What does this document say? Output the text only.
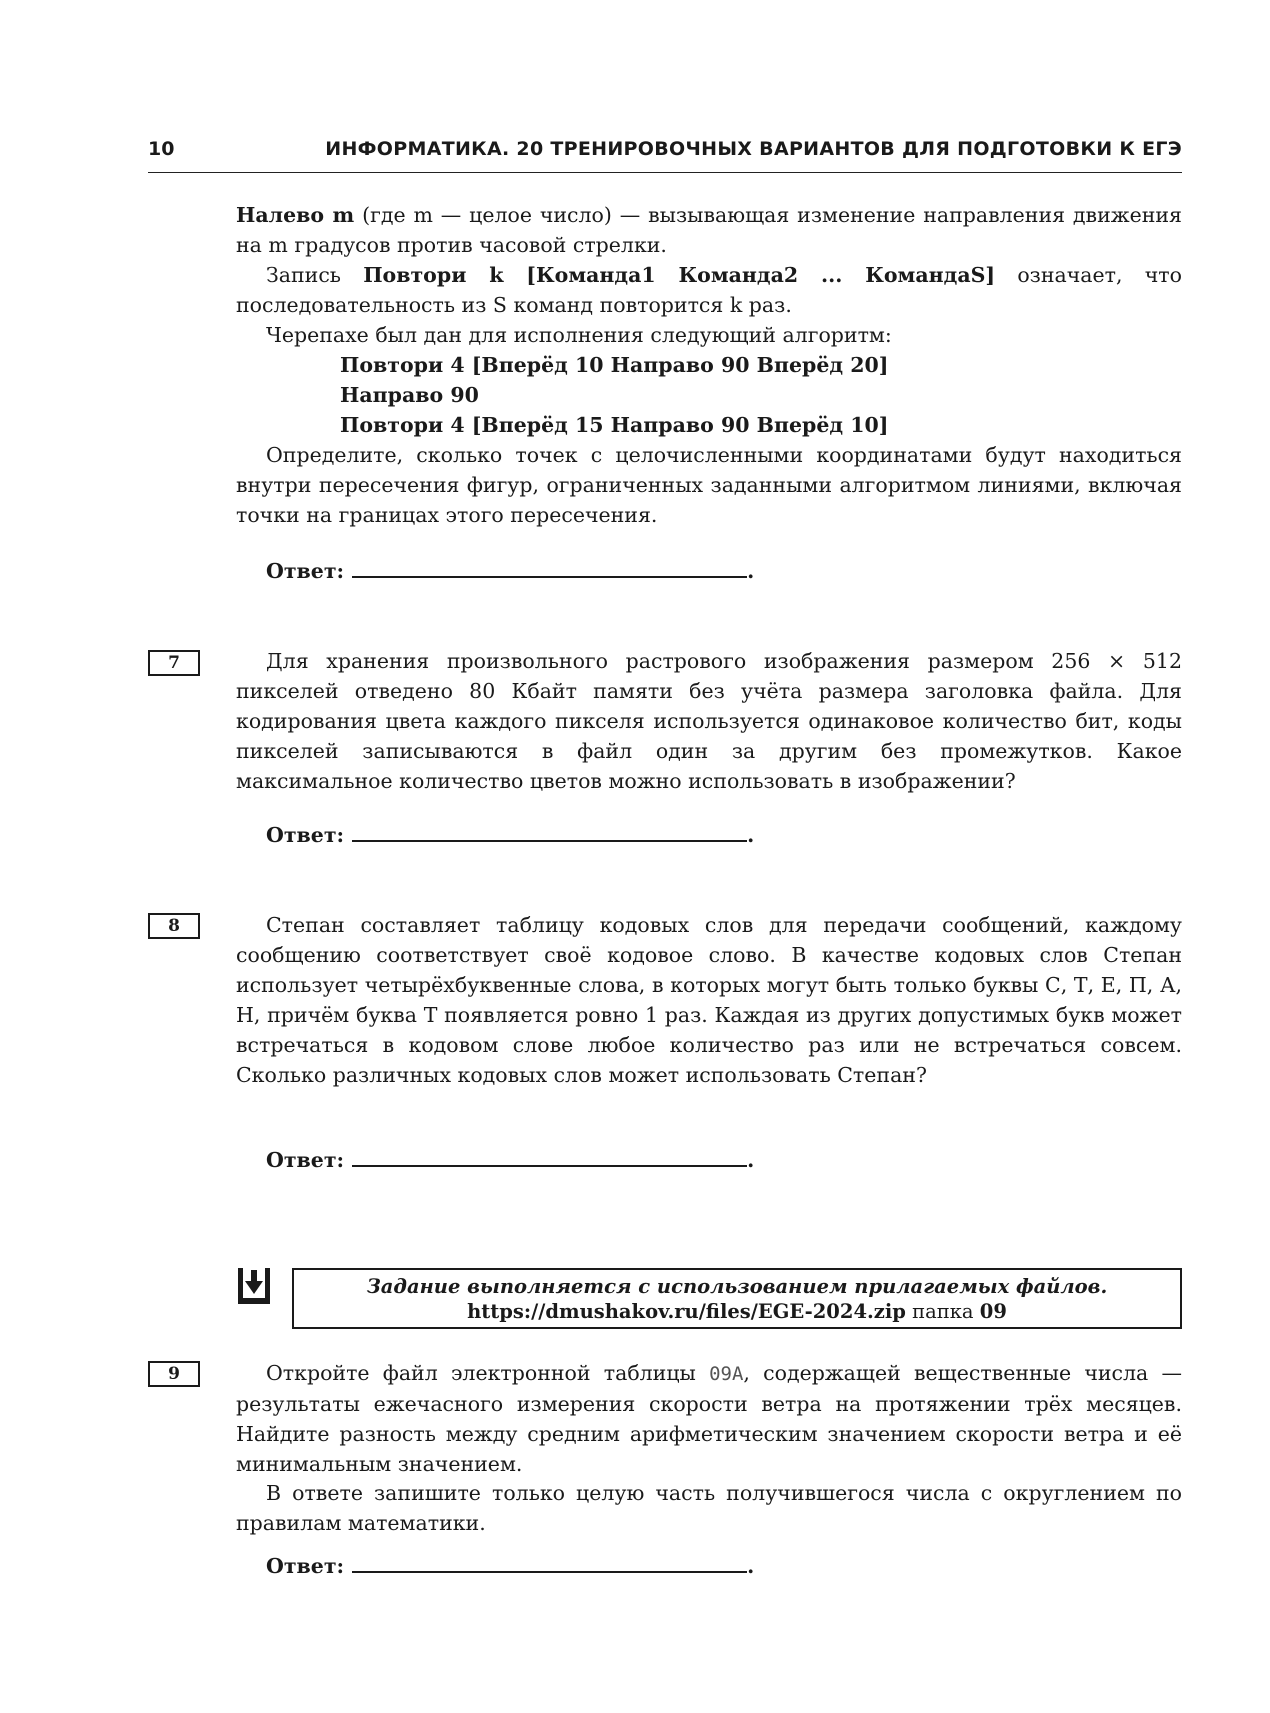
10	ИНФОРМАТИКА. 20 ТРЕНИРОВОЧНЫХ ВАРИАНТОВ ДЛЯ ПОДГОТОВКИ К ЕГЭ

Налево m (где m — целое число) — вызывающая изменение направления движения на m градусов против часовой стрелки.

Запись Повтори k [Команда1 Команда2 ... КомандаS] означает, что последовательность из S команд повторится k раз.

Черепахе был дан для исполнения следующий алгоритм:

Повтори 4 [Вперёд 10 Направо 90 Вперёд 20]
Направо 90
Повтори 4 [Вперёд 15 Направо 90 Вперёд 10]

Определите, сколько точек с целочисленными координатами будут находиться внутри пересечения фигур, ограниченных заданными алгоритмом линиями, включая точки на границах этого пересечения.

Ответ:	.
7	Для хранения произвольного растрового изображения размером 256 × 512 пикселей отведено 80 Кбайт памяти без учёта размера заголовка файла. Для кодирования цвета каждого пикселя используется одинаковое количество бит, коды пикселей записываются в файл один за другим без промежутков. Какое максимальное количество цветов можно использовать в изображении?

Ответ:	.
8	Степан составляет таблицу кодовых слов для передачи сообщений, каждому сообщению соответствует своё кодовое слово. В качестве кодовых слов Степан использует четырёхбуквенные слова, в которых могут быть только буквы С, Т, Е, П, А, Н, причём буква Т появляется ровно 1 раз. Каждая из других допустимых букв может встречаться в кодовом слове любое количество раз или не встречаться совсем. Сколько различных кодовых слов может использовать Степан?

Ответ:	.
Задание выполняется с использованием прилагаемых файлов.
https://dmushakov.ru/files/EGE-2024.zip папка 09
9	Откройте файл электронной таблицы 09A, содержащей вещественные числа — результаты ежечасного измерения скорости ветра на протяжении трёх месяцев. Найдите разность между средним арифметическим значением скорости ветра и её минимальным значением.

В ответе запишите только целую часть получившегося числа с округлением по правилам математики.

Ответ:	.
